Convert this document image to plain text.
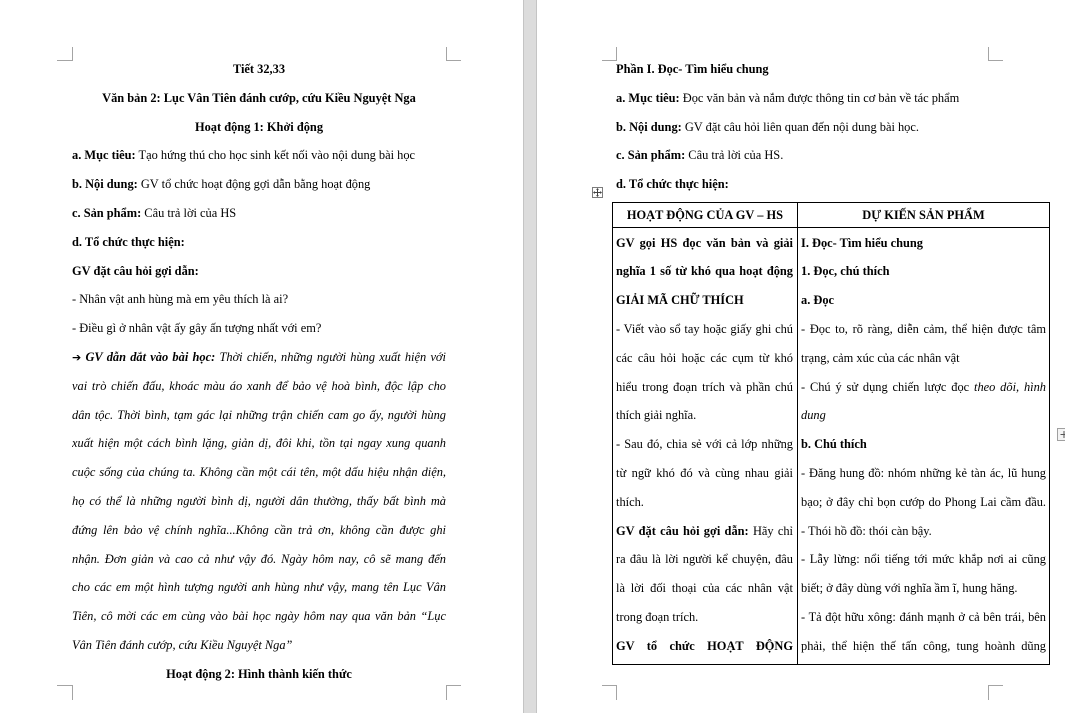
Tiết 32,33
Văn bản 2: Lục Vân Tiên đánh cướp, cứu Kiều Nguyệt Nga
Hoạt động 1: Khởi động
a. Mục tiêu: Tạo hứng thú cho học sinh kết nối vào nội dung bài học
b. Nội dung: GV tổ chức hoạt động gợi dẫn bằng hoạt động
c. Sản phẩm: Câu trả lời của HS
d. Tổ chức thực hiện:
GV đặt câu hỏi gợi dẫn:
- Nhân vật anh hùng mà em yêu thích là ai?
- Điều gì ở nhân vật ấy gây ấn tượng nhất với em?
➔ GV dẫn dắt vào bài học: Thời chiến, những người hùng xuất hiện với
vai trò chiến đấu, khoác màu áo xanh để bảo vệ hoà bình, độc lập cho
dân tộc. Thời bình, tạm gác lại những trận chiến cam go ấy, người hùng
xuất hiện một cách bình lặng, giản dị, đôi khi, tồn tại ngay xung quanh
cuộc sống của chúng ta. Không cần một cái tên, một dấu hiệu nhận diện,
họ có thể là những người bình dị, người dân thường, thấy bất bình mà
đứng lên bảo vệ chính nghĩa...Không cần trả ơn, không cần được ghi
nhận. Đơn giản và cao cả như vậy đó. Ngày hôm nay, cô sẽ mang đến
cho các em một hình tượng người anh hùng như vậy, mang tên Lục Vân
Tiên, cô mời các em cùng vào bài học ngày hôm nay qua văn bản “Lục
Vân Tiên đánh cướp, cứu Kiều Nguyệt Nga”
Hoạt động 2: Hình thành kiến thức
Phần I. Đọc- Tìm hiểu chung
a. Mục tiêu: Đọc văn bản và nắm được thông tin cơ bản về tác phẩm
b. Nội dung: GV đặt câu hỏi liên quan đến nội dung bài học.
c. Sản phẩm: Câu trả lời của HS.
d. Tổ chức thực hiện:
HOẠT ĐỘNG CỦA GV – HS	DỰ KIẾN SẢN PHẨM
GV gọi HS đọc văn bản và giải
nghĩa 1 số từ khó qua hoạt động
GIẢI MÃ CHỮ THÍCH
- Viết vào sổ tay hoặc giấy ghi chú
các câu hỏi hoặc các cụm từ khó
hiểu trong đoạn trích và phần chú
thích giải nghĩa.
- Sau đó, chia sẻ với cả lớp những
từ ngữ khó đó và cùng nhau giải
thích.
GV đặt câu hỏi gợi dẫn: Hãy chỉ
ra đâu là lời người kể chuyện, đâu
là lời đối thoại của các nhân vật
trong đoạn trích.
GV tổ chức HOẠT ĐỘNG
I. Đọc- Tìm hiểu chung
1. Đọc, chú thích
a. Đọc
- Đọc to, rõ ràng, diễn cảm, thể hiện được tâm
trạng, cảm xúc của các nhân vật
- Chú ý sử dụng chiến lược đọc theo dõi, hình
dung
b. Chú thích
- Đăng hung đồ: nhóm những kẻ tàn ác, lũ hung
bạo; ở đây chỉ bọn cướp do Phong Lai cầm đầu.
- Thói hồ đồ: thói càn bậy.
- Lẫy lừng: nổi tiếng tới mức khắp nơi ai cũng
biết; ở đây dùng với nghĩa ầm ĩ, hung hăng.
- Tả đột hữu xông: đánh mạnh ở cả bên trái, bên
phải, thể hiện thế tấn công, tung hoành dũng
